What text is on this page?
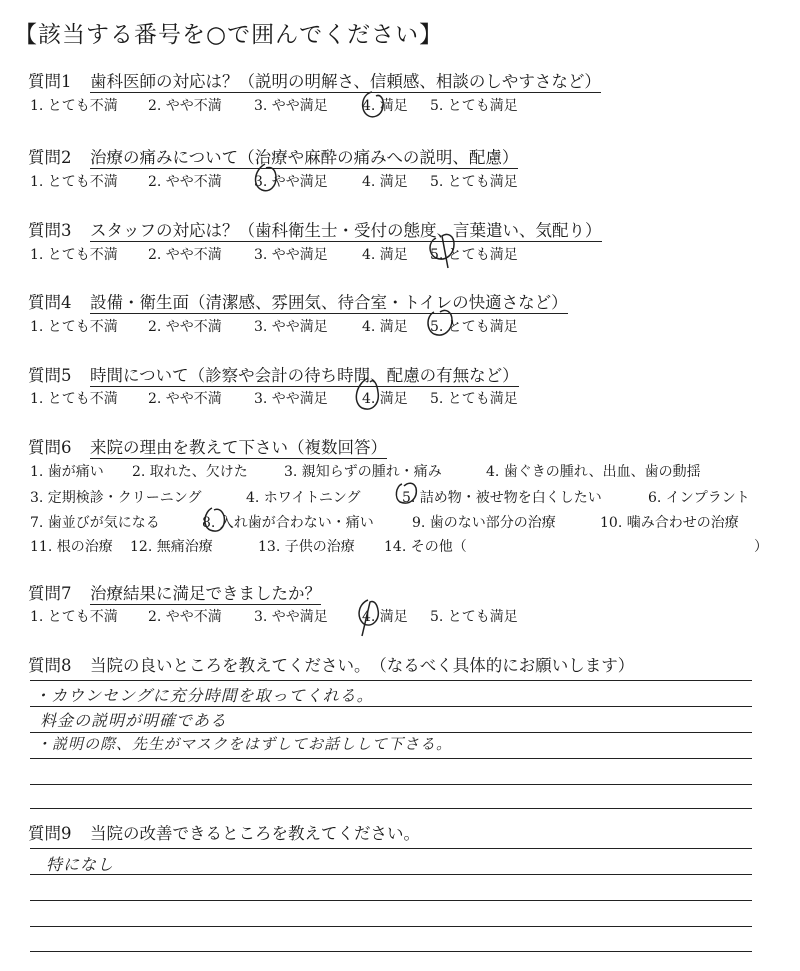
【該当する番号を○で囲んでください】
質問1 歯科医師の対応は？（説明の明解さ、信頼感、相談のしやすさなど）
1. とても不満 2. やや不満 3. やや満足 4. 満足 5. とても満足
質問2 治療の痛みについて（治療や麻酔の痛みへの説明、配慮）
1. とても不満 2. やや不満 3. やや満足 4. 満足 5. とても満足
質問3 スタッフの対応は？（歯科衛生士・受付の態度、言葉遣い、気配り）
1. とても不満 2. やや不満 3. やや満足 4. 満足 5. とても満足
質問4 設備・衛生面（清潔感、雰囲気、待合室・トイレの快適さなど）
1. とても不満 2. やや不満 3. やや満足 4. 満足 5. とても満足
質問5 時間について（診察や会計の待ち時間、配慮の有無など）
1. とても不満 2. やや不満 3. やや満足 4. 満足 5. とても満足
質問6 来院の理由を教えて下さい（複数回答）
1. 歯が痛い 2. 取れた、欠けた	3. 親知らずの腫れ・痛み	4. 歯ぐきの腫れ、出血、歯の動揺
3. 定期検診・クリーニング	4. ホワイトニング	5. 詰め物・被せ物を白くしたい	6. インプラント
7. 歯並びが気になる	8. 入れ歯が合わない・痛い	9. 歯のない部分の治療	10. 噛み合わせの治療
11. 根の治療 12. 無痛治療	13. 子供の治療 14. その他（	）
質問7 治療結果に満足できましたか？
1. とても不満 2. やや不満 3. やや満足 4. 満足 5. とても満足
質問8 当院の良いところを教えてください。 （なるべく具体的にお願いします）
・カウンセングに充分時間を取ってくれる。
料金の説明が明確である
・説明の際、先生がマスクをはずしてお話しして下さる。
質問9 当院の改善できるところを教えてください。
特になし
